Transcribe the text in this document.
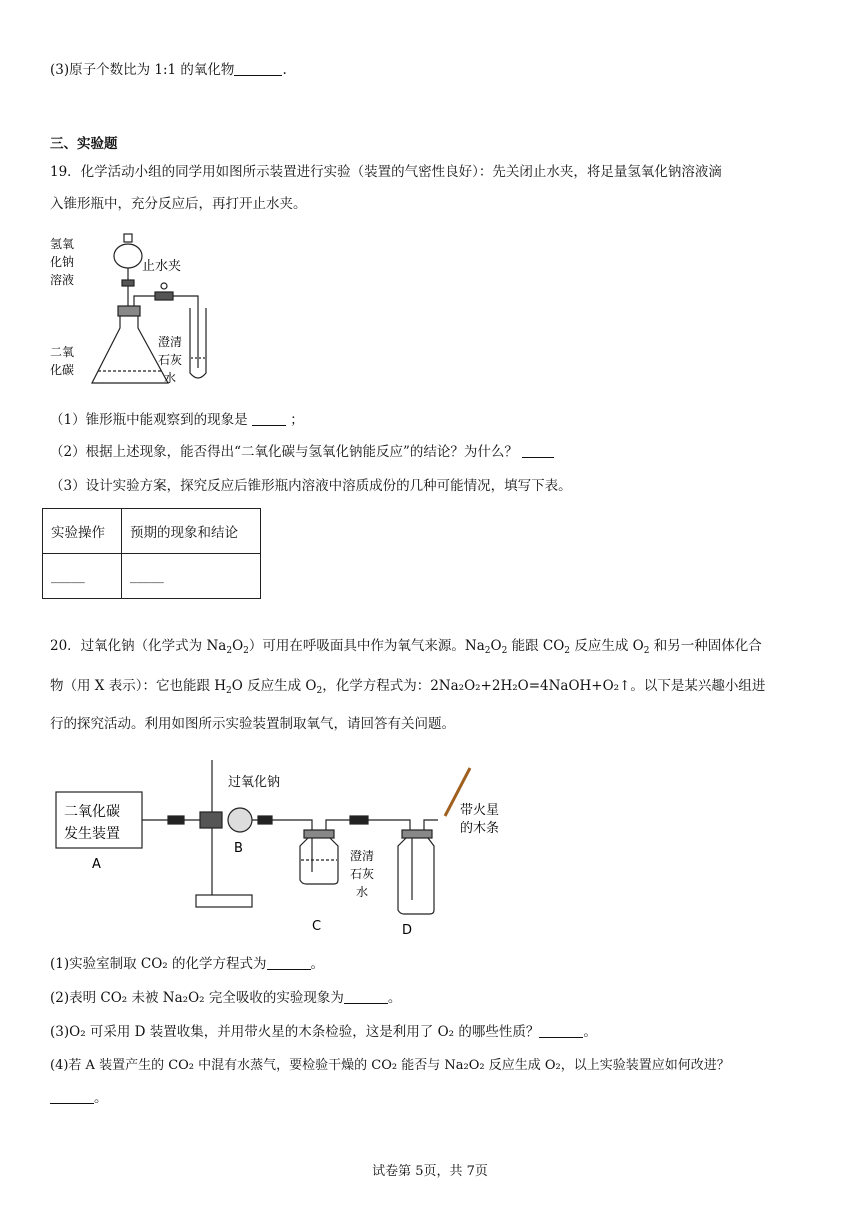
(3)原子个数比为 1:1 的氧化物	.
三、实验题
19．化学活动小组的同学用如图所示装置进行实验（装置的气密性良好）：先关闭止水夹，将足量氢氧化钠溶液滴
入锥形瓶中，充分反应后，再打开止水夹。
氢氧
化钠
溶液
止水夹
二氧
化碳
澄清
石灰
水
（1）锥形瓶中能观察到的现象是	；
（2）根据上述现象，能否得出“二氧化碳与氢氧化钠能反应”的结论？为什么？
（3）设计实验方案，探究反应后锥形瓶内溶液中溶质成份的几种可能情况，填写下表。
实验操作	预期的现象和结论
_____	_____
20．过氧化钠（化学式为 $Na_2O_2$）可用在呼吸面具中作为氧气来源。$Na_2O_2$ 能跟 $CO_2$ 反应生成 $O_2$ 和另一种固体化合
物（用 X 表示）：它也能跟 $H_2O$ 反应生成 $O_2$，化学方程式为：2Na₂O₂+2H₂O=4NaOH+O₂↑。以下是某兴趣小组进
行的探究活动。利用如图所示实验装置制取氧气，请回答有关问题。
二氧化碳
发生装置
A
过氧化钠
B	澄清
石灰
水
C	D
带火星
的木条
(1)实验室制取 CO₂ 的化学方程式为	。
(2)表明 CO₂ 未被 Na₂O₂ 完全吸收的实验现象为	。
(3)O₂ 可采用 D 装置收集，并用带火星的木条检验，这是利用了 O₂ 的哪些性质？	。
(4)若 A 装置产生的 CO₂ 中混有水蒸气，要检验干燥的 CO₂ 能否与 Na₂O₂ 反应生成 O₂，以上实验装置应如何改进？
。
试卷第 5页，共 7页
